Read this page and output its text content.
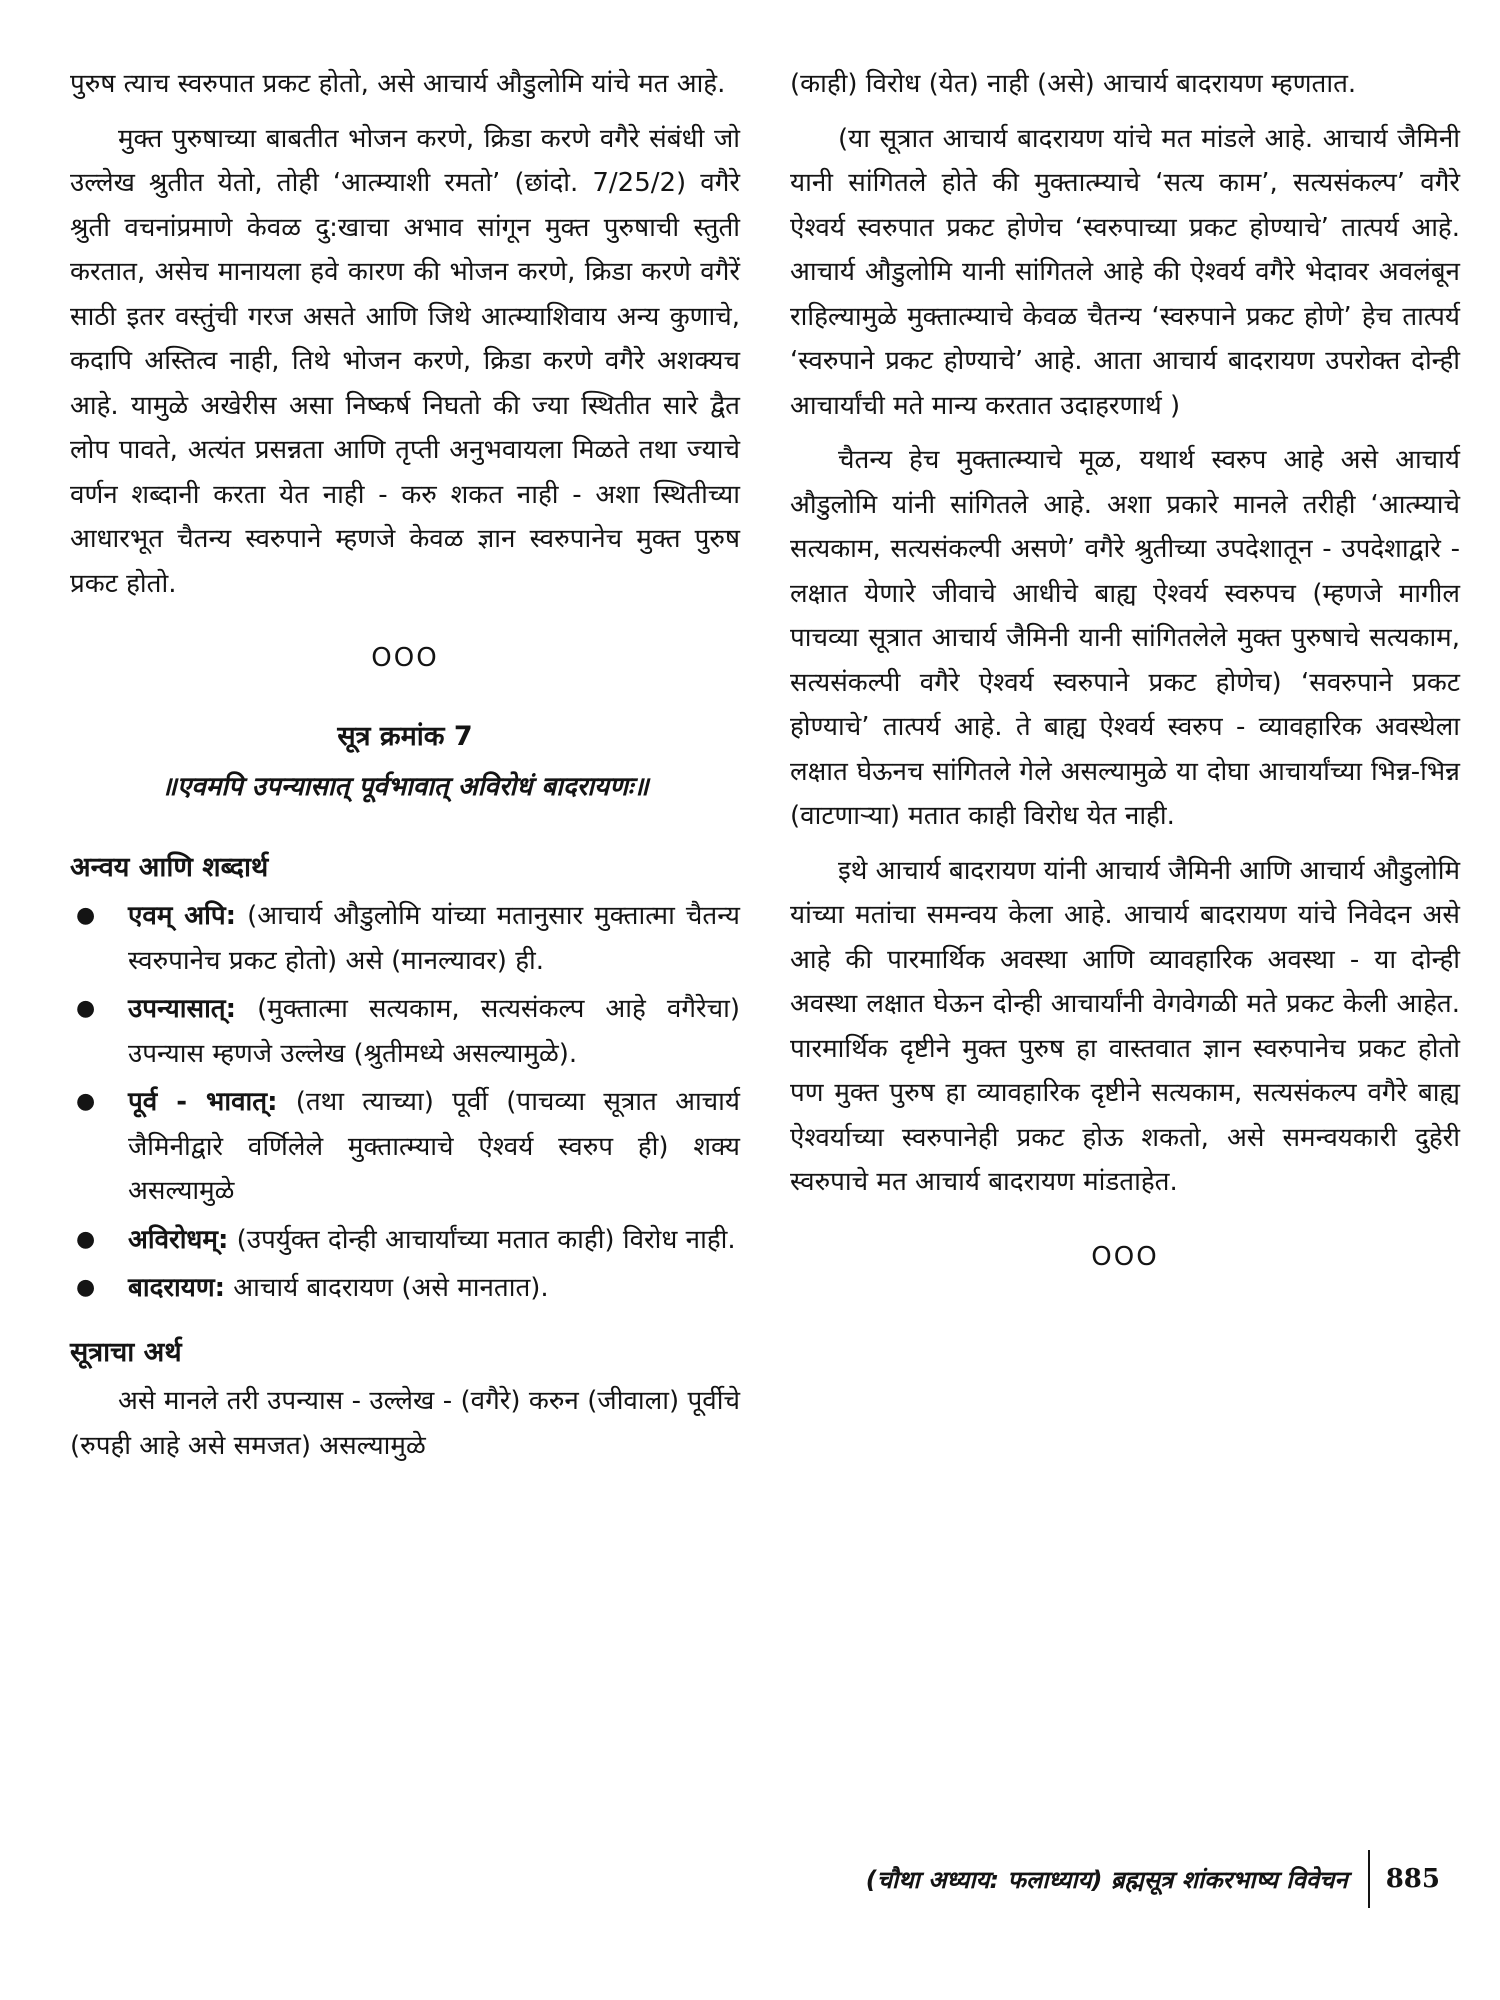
पुरुष त्याच स्वरुपात प्रकट होतो, असे आचार्य औडुलोमि यांचे मत आहे.

मुक्त पुरुषाच्या बाबतीत भोजन करणे, क्रिडा करणे वगैरे संबंधी जो उल्लेख श्रुतीत येतो, तोही ‘आत्म्याशी रमतो’ (छांदो. 7/25/2) वगैरे श्रुती वचनांप्रमाणे केवळ दु:खाचा अभाव सांगून मुक्त पुरुषाची स्तुती करतात, असेच मानायला हवे कारण की भोजन करणे, क्रिडा करणे वगैरें साठी इतर वस्तुंची गरज असते आणि जिथे आत्म्याशिवाय अन्य कुणाचे, कदापि अस्तित्व नाही, तिथे भोजन करणे, क्रिडा करणे वगैरे अशक्यच आहे. यामुळे अखेरीस असा निष्कर्ष निघतो की ज्या स्थितीत सारे द्वैत लोप पावते, अत्यंत प्रसन्नता आणि तृप्ती अनुभवायला मिळते तथा ज्याचे वर्णन शब्दानी करता येत नाही - करु शकत नाही - अशा स्थितीच्या आधारभूत चैतन्य स्वरुपाने म्हणजे केवळ ज्ञान स्वरुपानेच मुक्त पुरुष प्रकट होतो.

OOO
सूत्र क्रमांक 7
॥एवमपि उपन्यासात् पूर्वभावात् अविरोधं बादरायणः॥
अन्वय आणि शब्दार्थ
● एवम् अपि: (आचार्य औडुलोमि यांच्या मतानुसार मुक्तात्मा चैतन्य स्वरुपानेच प्रकट होतो) असे (मानल्यावर) ही.
● उपन्यासात्: (मुक्तात्मा सत्यकाम, सत्यसंकल्प आहे वगैरेचा) उपन्यास म्हणजे उल्लेख (श्रुतीमध्ये असल्यामुळे).
● पूर्व - भावात्: (तथा त्याच्या) पूर्वी (पाचव्या सूत्रात आचार्य जैमिनीद्वारे वर्णिलेले मुक्तात्म्याचे ऐश्वर्य स्वरुप ही) शक्य असल्यामुळे
● अविरोधम्: (उपर्युक्त दोन्ही आचार्यांच्या मतात काही) विरोध नाही.
● बादरायण: आचार्य बादरायण (असे मानतात).
सूत्राचा अर्थ

असे मानले तरी उपन्यास - उल्लेख - (वगैरे) करुन (जीवाला) पूर्वीचे (रुपही आहे असे समजत) असल्यामुळे

(काही) विरोध (येत) नाही (असे) आचार्य बादरायण म्हणतात.

(या सूत्रात आचार्य बादरायण यांचे मत मांडले आहे. आचार्य जैमिनी यानी सांगितले होते की मुक्तात्म्याचे ‘सत्य काम’, सत्यसंकल्प’ वगैरे ऐश्वर्य स्वरुपात प्रकट होणेच ‘स्वरुपाच्या प्रकट होण्याचे’ तात्पर्य आहे. आचार्य औडुलोमि यानी सांगितले आहे की ऐश्वर्य वगैरे भेदावर अवलंबून राहिल्यामुळे मुक्तात्म्याचे केवळ चैतन्य ‘स्वरुपाने प्रकट होणे’ हेच तात्पर्य ‘स्वरुपाने प्रकट होण्याचे’ आहे. आता आचार्य बादरायण उपरोक्त दोन्ही आचार्यांची मते मान्य करतात उदाहरणार्थ )

चैतन्य हेच मुक्तात्म्याचे मूळ, यथार्थ स्वरुप आहे असे आचार्य औडुलोमि यांनी सांगितले आहे. अशा प्रकारे मानले तरीही ‘आत्म्याचे सत्यकाम, सत्यसंकल्पी असणे’ वगैरे श्रुतीच्या उपदेशातून - उपदेशाद्वारे - लक्षात येणारे जीवाचे आधीचे बाह्य ऐश्वर्य स्वरुपच (म्हणजे मागील पाचव्या सूत्रात आचार्य जैमिनी यानी सांगितलेले मुक्त पुरुषाचे सत्यकाम, सत्यसंकल्पी वगैरे ऐश्वर्य स्वरुपाने प्रकट होणेच) ‘सवरुपाने प्रकट होण्याचे’ तात्पर्य आहे. ते बाह्य ऐश्वर्य स्वरुप - व्यावहारिक अवस्थेला लक्षात घेऊनच सांगितले गेले असल्यामुळे या दोघा आचार्यांच्या भिन्न-भिन्न (वाटणाऱ्या) मतात काही विरोध येत नाही.

इथे आचार्य बादरायण यांनी आचार्य जैमिनी आणि आचार्य औडुलोमि यांच्या मतांचा समन्वय केला आहे. आचार्य बादरायण यांचे निवेदन असे आहे की पारमार्थिक अवस्था आणि व्यावहारिक अवस्था - या दोन्ही अवस्था लक्षात घेऊन दोन्ही आचार्यांनी वेगवेगळी मते प्रकट केली आहेत. पारमार्थिक दृष्टीने मुक्त पुरुष हा वास्तवात ज्ञान स्वरुपानेच प्रकट होतो पण मुक्त पुरुष हा व्यावहारिक दृष्टीने सत्यकाम, सत्यसंकल्प वगैरे बाह्य ऐश्वर्याच्या स्वरुपानेही प्रकट होऊ शकतो, असे समन्वयकारी दुहेरी स्वरुपाचे मत आचार्य बादरायण मांडताहेत.

OOO
(चौथा अध्याय: फलाध्याय) ब्रह्मसूत्र शांकरभाष्य विवेचन	885
